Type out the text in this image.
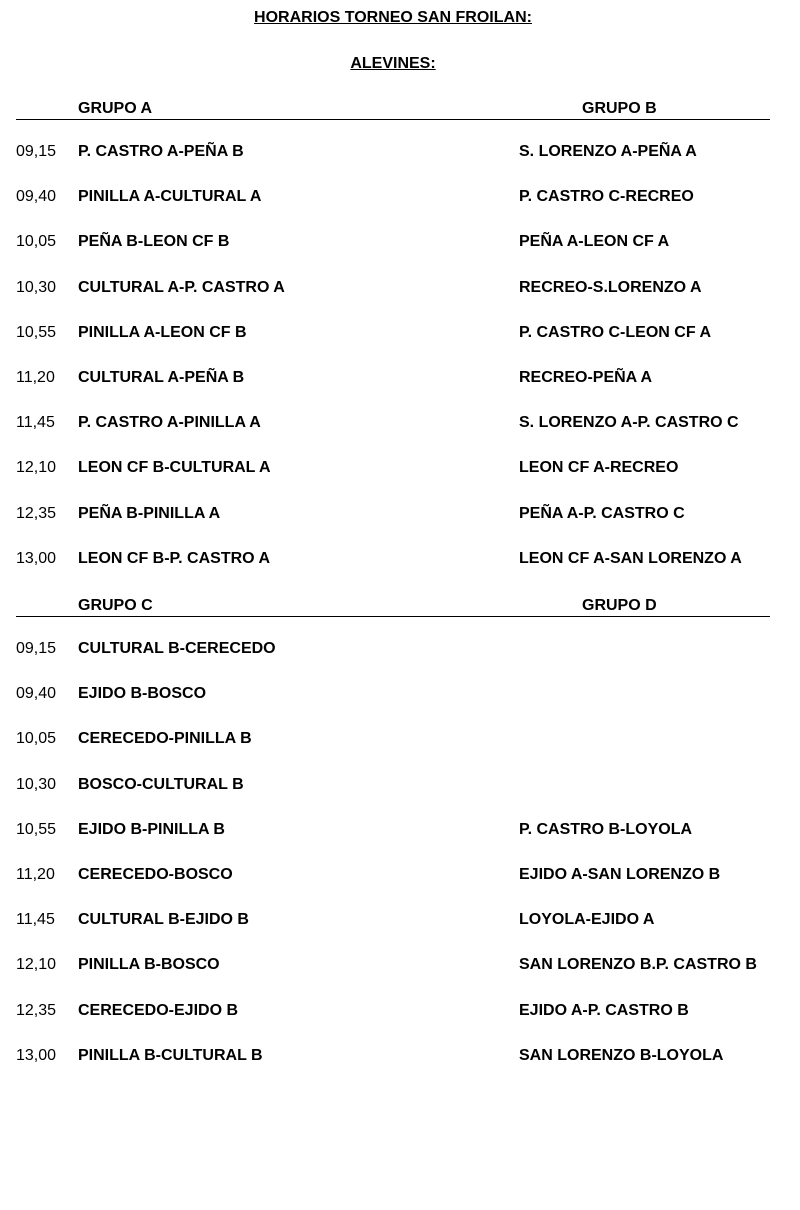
HORARIOS TORNEO SAN FROILAN:
ALEVINES:
GRUPO A	GRUPO B
09,15 P. CASTRO A-PEÑA B	S. LORENZO A-PEÑA A
09,40 PINILLA A-CULTURAL A	P. CASTRO C-RECREO
10,05 PEÑA B-LEON CF B	PEÑA A-LEON CF A
10,30 CULTURAL A-P. CASTRO A	RECREO-S.LORENZO A
10,55 PINILLA A-LEON CF B	P. CASTRO C-LEON CF A
11,20 CULTURAL A-PEÑA B	RECREO-PEÑA A
11,45 P. CASTRO A-PINILLA A	S. LORENZO A-P. CASTRO C
12,10 LEON CF B-CULTURAL A	LEON CF A-RECREO
12,35 PEÑA B-PINILLA A	PEÑA A-P. CASTRO C
13,00 LEON CF B-P. CASTRO A	LEON CF A-SAN LORENZO A
GRUPO C	GRUPO D
09,15 CULTURAL B-CERECEDO
09,40 EJIDO B-BOSCO
10,05 CERECEDO-PINILLA B
10,30 BOSCO-CULTURAL B
10,55 EJIDO B-PINILLA B	P. CASTRO B-LOYOLA
11,20 CERECEDO-BOSCO	EJIDO A-SAN LORENZO B
11,45 CULTURAL B-EJIDO B	LOYOLA-EJIDO A
12,10 PINILLA B-BOSCO	SAN LORENZO B.P. CASTRO B
12,35 CERECEDO-EJIDO B	EJIDO A-P. CASTRO B
13,00 PINILLA B-CULTURAL B	SAN LORENZO B-LOYOLA
